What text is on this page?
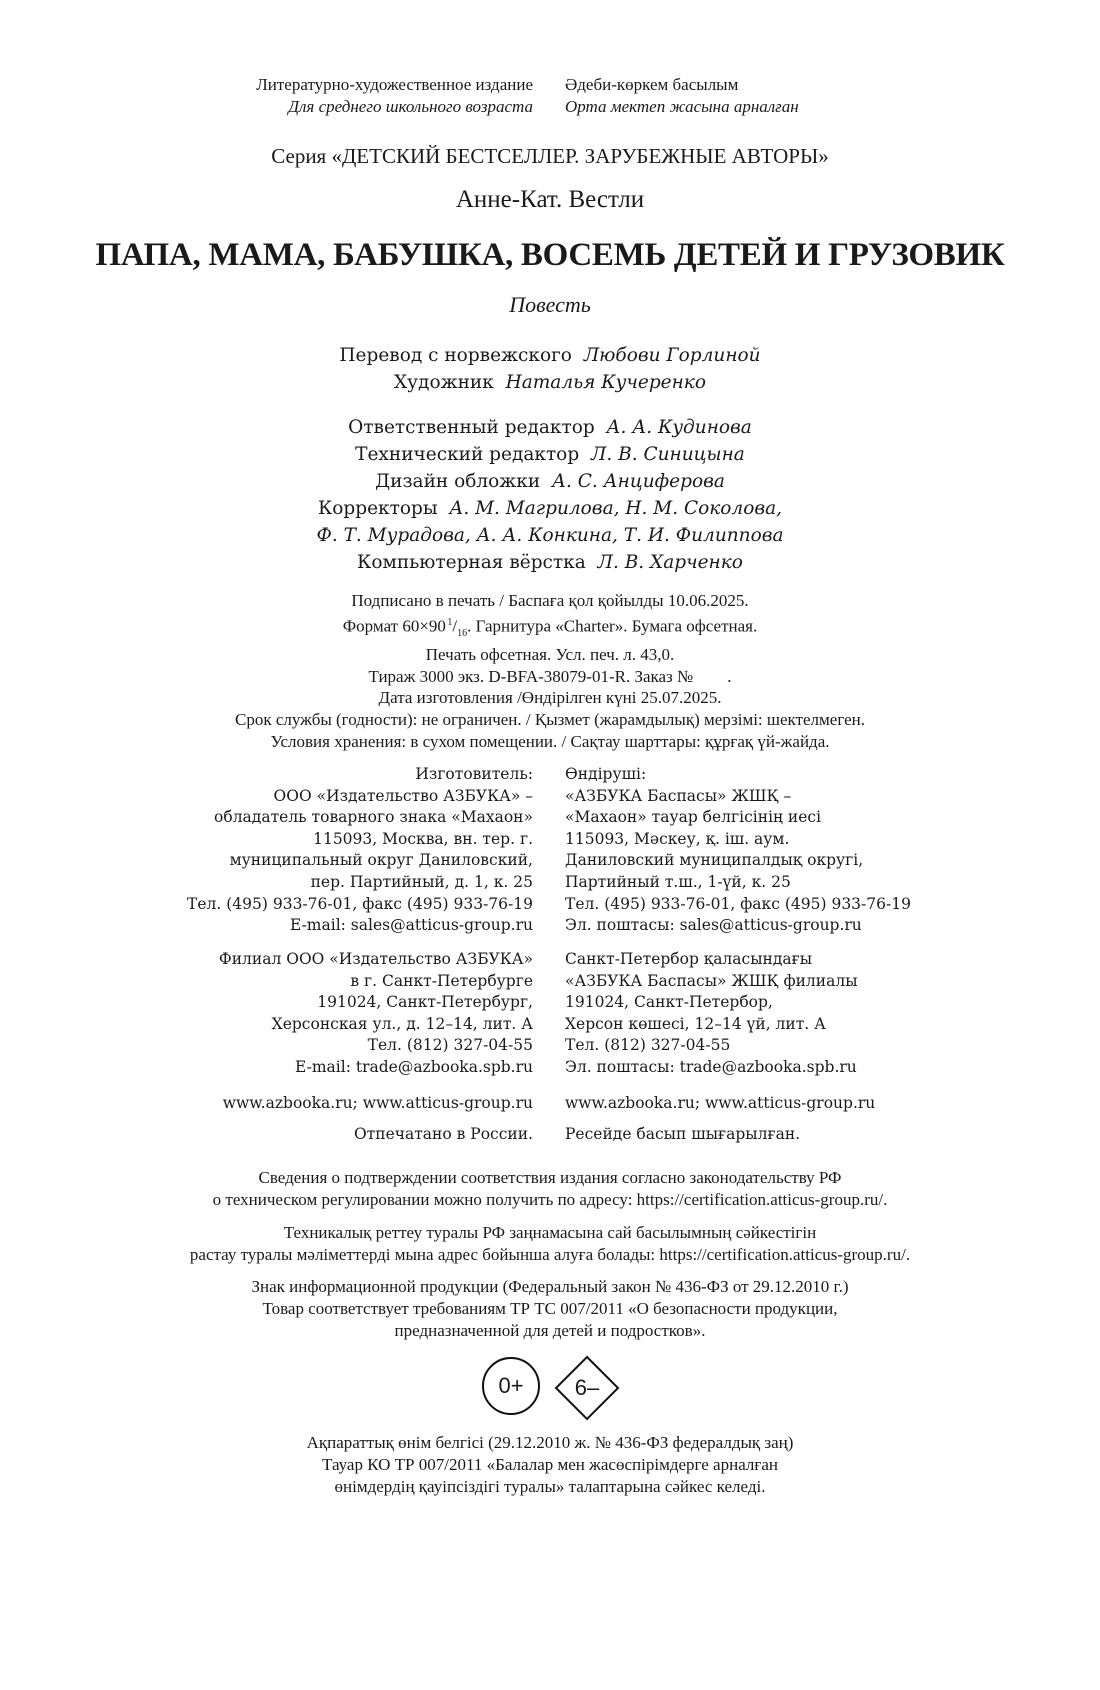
Литературно-художественное издание
Для среднего школьного возраста
Әдеби-көркем басылым
Орта мектеп жасына арналған
Серия «ДЕТСКИЙ БЕСТСЕЛЛЕР. ЗАРУБЕЖНЫЕ АВТОРЫ»
Анне-Кат. Вестли
ПАПА, МАМА, БАБУШКА, ВОСЕМЬ ДЕТЕЙ И ГРУЗОВИК
Повесть
Перевод с норвежского Любови Горлиной
Художник Наталья Кучеренко
Ответственный редактор А. А. Кудинова
Технический редактор Л. В. Синицына
Дизайн обложки А. С. Анциферова
Корректоры А. М. Магрилова, Н. М. Соколова,
Ф. Т. Мурадова, А. А. Конкина, Т. И. Филиппова
Компьютерная вёрстка Л. В. Харченко
Подписано в печать / Баспаға қол қойылды 10.06.2025.
Формат 60×90 $^1/_{16}$. Гарнитура «Charter». Бумага офсетная.
Печать офсетная. Усл. печ. л. 43,0.
Тираж 3000 экз. D-BFA-38079-01-R. Заказ №        .
Дата изготовления /Өндірілген күні 25.07.2025.
Срок службы (годности): не ограничен. / Қызмет (жарамдылық) мерзімі: шектелмеген.
Условия хранения: в сухом помещении. / Сақтау шарттары: құрғақ үй-жайда.
Изготовитель:
ООО «Издательство АЗБУКА» –
обладатель товарного знака «Махаон»
115093, Москва, вн. тер. г.
муниципальный округ Даниловский,
пер. Партийный, д. 1, к. 25
Тел. (495) 933-76-01, факс (495) 933-76-19
E-mail: sales@atticus-group.ru
Өндіруші:
«АЗБУКА Баспасы» ЖШҚ –
«Махаон» тауар белгісінің иесі
115093, Мәскеу, қ. іш. аум.
Даниловский муниципалдық округі,
Партийный т.ш., 1-үй, к. 25
Тел. (495) 933-76-01, факс (495) 933-76-19
Эл. поштасы: sales@atticus-group.ru
Филиал ООО «Издательство АЗБУКА»
в г. Санкт-Петербурге
191024, Санкт-Петербург,
Херсонская ул., д. 12–14, лит. А
Тел. (812) 327-04-55
E-mail: trade@azbooka.spb.ru
Санкт-Петербор қаласындағы
«АЗБУКА Баспасы» ЖШҚ филиалы
191024, Санкт-Петербор,
Херсон көшесі, 12–14 үй, лит. А
Тел. (812) 327-04-55
Эл. поштасы: trade@azbooka.spb.ru
www.azbooka.ru; www.atticus-group.ru www.azbooka.ru; www.atticus-group.ru
Отпечатано в России. Ресейде басып шығарылған.
Сведения о подтверждении соответствия издания согласно законодательству РФ
о техническом регулировании можно получить по адресу: https://certification.atticus-group.ru/.
Техникалық реттеу туралы РФ заңнамасына сай басылымның сәйкестігін
растау туралы мәліметтерді мына адрес бойынша алуға болады: https://certification.atticus-group.ru/.
Знак информационной продукции (Федеральный закон № 436-ФЗ от 29.12.2010 г.)
Товар соответствует требованиям ТР ТС 007/2011 «О безопасности продукции,
предназначенной для детей и подростков».
0+	6–
Ақпараттық өнім белгісі (29.12.2010 ж. № 436-ФЗ федералдық заң)
Тауар КО ТР 007/2011 «Балалар мен жасөспірімдерге арналған
өнімдердің қауіпсіздігі туралы» талаптарына сәйкес келеді.
